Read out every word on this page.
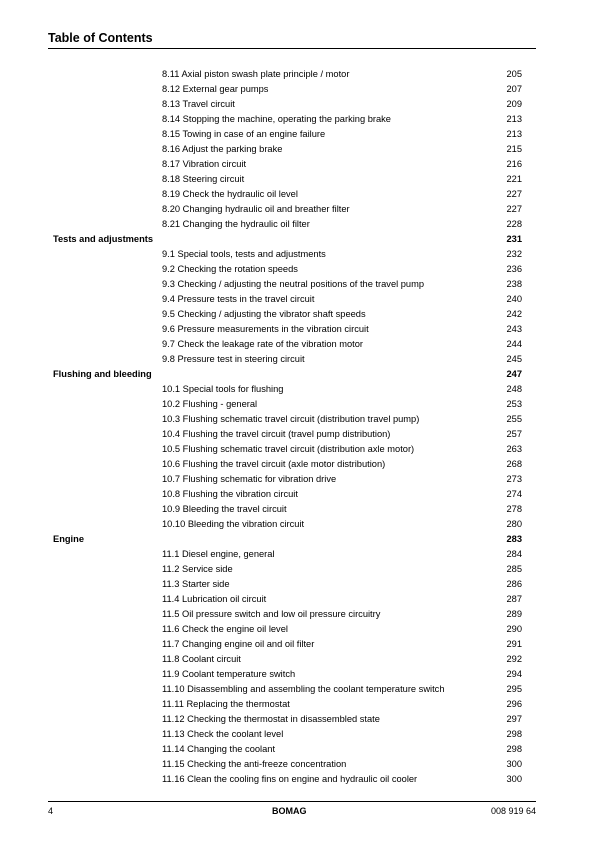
Table of Contents
8.11 Axial piston swash plate principle / motor	205
8.12 External gear pumps	207
8.13 Travel circuit	209
8.14 Stopping the machine, operating the parking brake	213
8.15 Towing in case of an engine failure	213
8.16 Adjust the parking brake	215
8.17 Vibration circuit	216
8.18 Steering circuit	221
8.19 Check the hydraulic oil level	227
8.20 Changing hydraulic oil and breather filter	227
8.21 Changing the hydraulic oil filter	228
Tests and adjustments	231
9.1 Special tools, tests and adjustments	232
9.2 Checking the rotation speeds	236
9.3 Checking / adjusting the neutral positions of the travel pump	238
9.4 Pressure tests in the travel circuit	240
9.5 Checking / adjusting the vibrator shaft speeds	242
9.6 Pressure measurements in the vibration circuit	243
9.7 Check the leakage rate of the vibration motor	244
9.8 Pressure test in steering circuit	245
Flushing and bleeding	247
10.1 Special tools for flushing	248
10.2 Flushing - general	253
10.3 Flushing schematic travel circuit (distribution travel pump)	255
10.4 Flushing the travel circuit (travel pump distribution)	257
10.5 Flushing schematic travel circuit (distribution axle motor)	263
10.6 Flushing the travel circuit (axle motor distribution)	268
10.7 Flushing schematic for vibration drive	273
10.8 Flushing the vibration circuit	274
10.9 Bleeding the travel circuit	278
10.10 Bleeding the vibration circuit	280
Engine	283
11.1 Diesel engine, general	284
11.2 Service side	285
11.3 Starter side	286
11.4 Lubrication oil circuit	287
11.5 Oil pressure switch and low oil pressure circuitry	289
11.6 Check the engine oil level	290
11.7 Changing engine oil and oil filter	291
11.8 Coolant circuit	292
11.9 Coolant temperature switch	294
11.10 Disassembling and assembling the coolant temperature switch	295
11.11 Replacing the thermostat	296
11.12 Checking the thermostat in disassembled state	297
11.13 Check the coolant level	298
11.14 Changing the coolant	298
11.15 Checking the anti-freeze concentration	300
11.16 Clean the cooling fins on engine and hydraulic oil cooler	300
4	BOMAG	008 919 64
